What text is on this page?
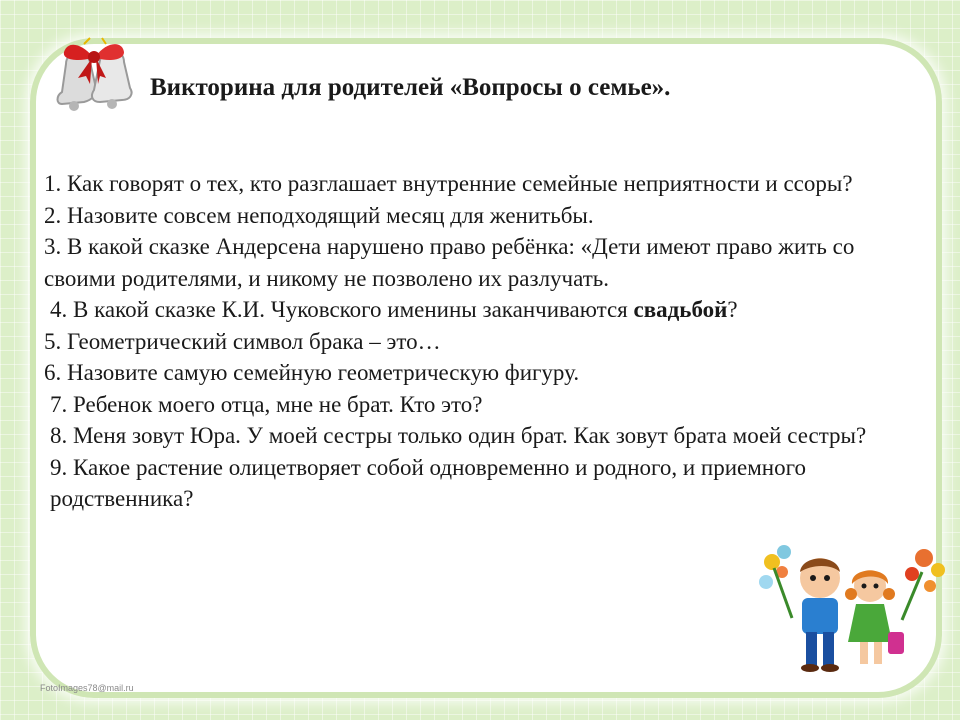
Викторина для родителей «Вопросы о семье».

1. Как говорят о тех, кто разглашает внутренние семейные неприятности и ссоры?

2. Назовите совсем неподходящий месяц для женитьбы.

3. В какой сказке Андерсена нарушено право ребёнка: «Дети имеют право жить со своими родителями, и никому не позволено их разлучать.

4. В какой сказке К.И. Чуковского именины заканчиваются свадьбой?

5. Геометрический символ брака – это…

6. Назовите самую семейную геометрическую фигуру.

7. Ребенок моего отца, мне не брат. Кто это?

8. Меня зовут Юра. У моей сестры только один брат. Как зовут брата моей сестры?

9. Какое растение олицетворяет собой одновременно и родного, и приемного родственника?

FotoImages78@mail.ru
